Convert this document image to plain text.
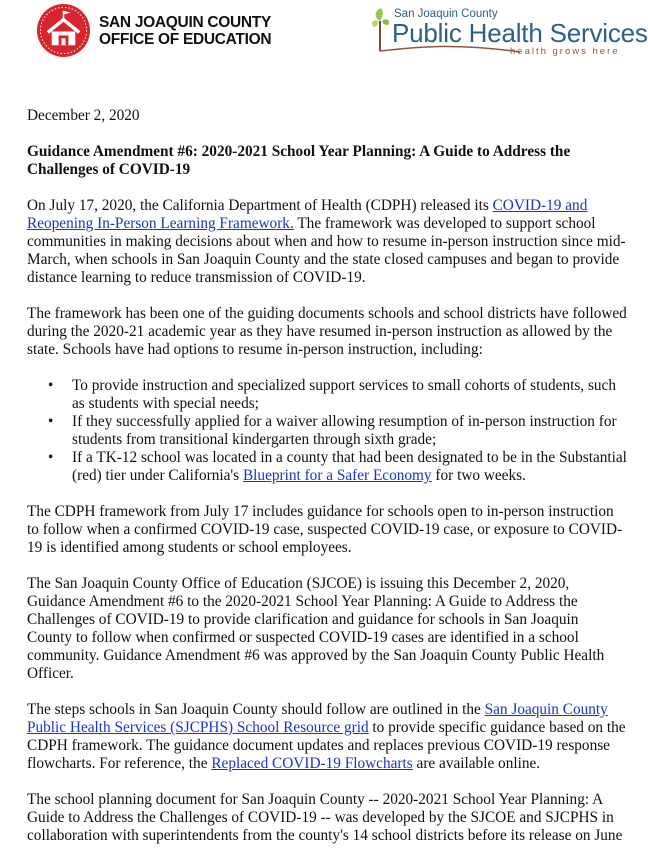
SAN JOAQUIN COUNTY
OFFICE OF EDUCATION
San Joaquin County
Public Health Services
health grows here

December 2, 2020

Guidance Amendment #6: 2020-2021 School Year Planning: A Guide to Address the Challenges of COVID-19

On July 17, 2020, the California Department of Health (CDPH) released its COVID-19 and Reopening In-Person Learning Framework. The framework was developed to support school communities in making decisions about when and how to resume in-person instruction since mid-March, when schools in San Joaquin County and the state closed campuses and began to provide distance learning to reduce transmission of COVID-19.

The framework has been one of the guiding documents schools and school districts have followed during the 2020-21 academic year as they have resumed in-person instruction as allowed by the state. Schools have had options to resume in-person instruction, including:

• To provide instruction and specialized support services to small cohorts of students, such as students with special needs;
• If they successfully applied for a waiver allowing resumption of in-person instruction for students from transitional kindergarten through sixth grade;
• If a TK-12 school was located in a county that had been designated to be in the Substantial (red) tier under California's Blueprint for a Safer Economy for two weeks.

The CDPH framework from July 17 includes guidance for schools open to in-person instruction to follow when a confirmed COVID-19 case, suspected COVID-19 case, or exposure to COVID-19 is identified among students or school employees.

The San Joaquin County Office of Education (SJCOE) is issuing this December 2, 2020, Guidance Amendment #6 to the 2020-2021 School Year Planning: A Guide to Address the Challenges of COVID-19 to provide clarification and guidance for schools in San Joaquin County to follow when confirmed or suspected COVID-19 cases are identified in a school community. Guidance Amendment #6 was approved by the San Joaquin County Public Health Officer.

The steps schools in San Joaquin County should follow are outlined in the San Joaquin County Public Health Services (SJCPHS) School Resource grid to provide specific guidance based on the CDPH framework. The guidance document updates and replaces previous COVID-19 response flowcharts. For reference, the Replaced COVID-19 Flowcharts are available online.

The school planning document for San Joaquin County -- 2020-2021 School Year Planning: A Guide to Address the Challenges of COVID-19 -- was developed by the SJCOE and SJCPHS in collaboration with superintendents from the county's 14 school districts before its release on June
